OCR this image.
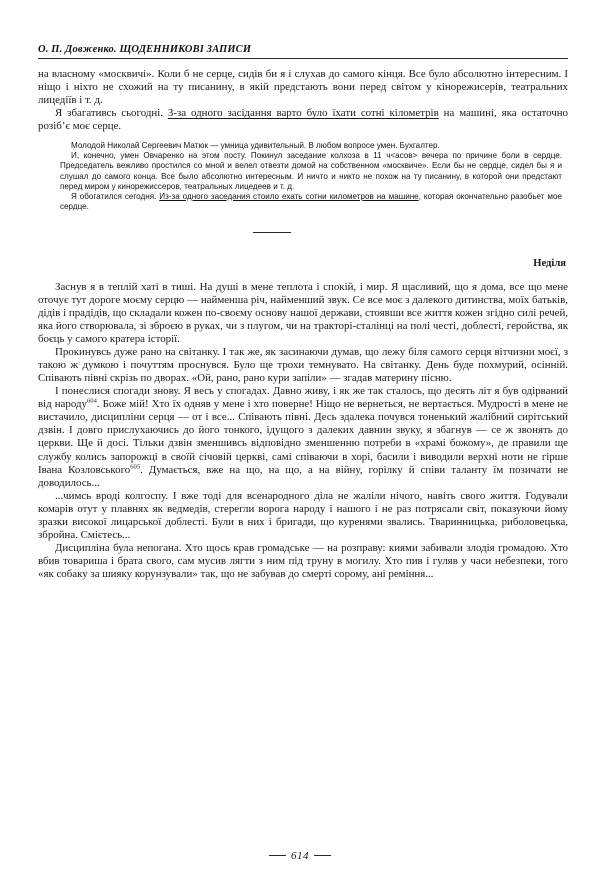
О. П. Довженко. ЩОДЕННИКОВІ ЗАПИСИ

на власному «москвичі». Коли б не серце, сидів би я і слухав до самого кінця. Все було абсолютно інтересним. І ніщо і ніхто не схожий на ту писанину, в якій предстають вони перед світом у кінорежисерів, театральних лицедіїв і т. д.

Я збагативсь сьогодні. З-за одного засідання варто було їхати сотні кілометрів на машині, яка остаточно розіб’є моє серце.

Молодой Николай Сергеевич Матюк — умница удивительный. В любом вопросе умен. Бухгалтер.

И, конечно, умен Овчаренко на этом посту. Покинул заседание колхоза в 11 ч<асов> вечера по причине боли в сердце. Председатель вежливо простился со мной и велел отвезти домой на собственном «москвиче». Если бы не сердце, сидел бы я и слушал до самого конца. Все было абсолютно интересным. И ничто и никто не похож на ту писанину, в которой они предстают перед миром у кинорежиссеров, театральных лицедеев и т. д.

Я обогатился сегодня. Из-за одного заседания стоило ехать сотни километров на машине, которая окончательно разобьет мое сердце.

Неділя

Заснув я в теплій хаті в тиші. На душі в мене теплота і спокій, і мир. Я щасливий, що я дома, все що мене оточує тут дороге моєму серцю — найменша річ, найменший звук. Се все моє з далекого дитинства, моїх батьків, дідів і прадідів, що складали кожен по-своєму основу нашої держави, стоявши все життя кожен згідно силі речей, яка його створювала, зі зброєю в руках, чи з плугом, чи на тракторі-сталінці на полі честі, доблесті, геройства, як боєць у самого кратера історії.

Прокинувсь дуже рано на світанку. І так же, як засинаючи думав, що лежу біля самого серця вітчизни моєї, з такою ж думкою і почуттям проснувся. Було ще трохи темнувато. На світанку. День буде похмурий, осінній. Співають півні скрізь по дворах. «Ой, рано, рано кури запіли» — згадав материну пісню.

І понеслися спогади знову. Я весь у спогадах. Давно живу, і як же так сталось, що десять літ я був одірваний від народу$^{604}$. Боже мій! Хто їх одняв у мене і хто поверне! Ніщо не вернеться, не вертається. Мудрості в мене не вистачило, дисципліни серця — от і все... Співають півні. Десь здалека почувся тоненький жалібний сирітський дзвін. І довго прислухаючись до його тонкого, ідущого з далеких давнин звуку, я збагнув — се ж звонять до церкви. Ще й досі. Тільки дзвін зменшивсь відповідно зменшенню потреби в «храмі божому», де правили ще службу колись запорожці в своїй січовій церкві, самі співаючи в хорі, басили і виводили верхні ноти не гірше Івана Козловського$^{605}$. Думається, вже на що, на що, а на війну, горілку й співи таланту їм позичати не доводилось...

...чимсь вроді колгоспу. І вже тоді для всенародного діла не жаліли нічого, навіть свого життя. Годували комарів отут у плавнях як ведмедів, стерегли ворога народу і нашого і не раз потрясали світ, показуючи йому зразки високої лицарської доблесті. Були в них і бригади, що куренями звались. Тваринницька, риболовецька, збройна. Смієтесь...

Дисципліна була непогана. Хто щось крав громадське — на розправу: киями забивали злодія громадою. Хто вбив товариша і брата свого, сам мусив лягти з ним під труну в могилу. Хто пив і гуляв у часи небезпеки, того «як собаку за шияку корунзували» так, що не забував до смерті сорому, ані реміння...

614
